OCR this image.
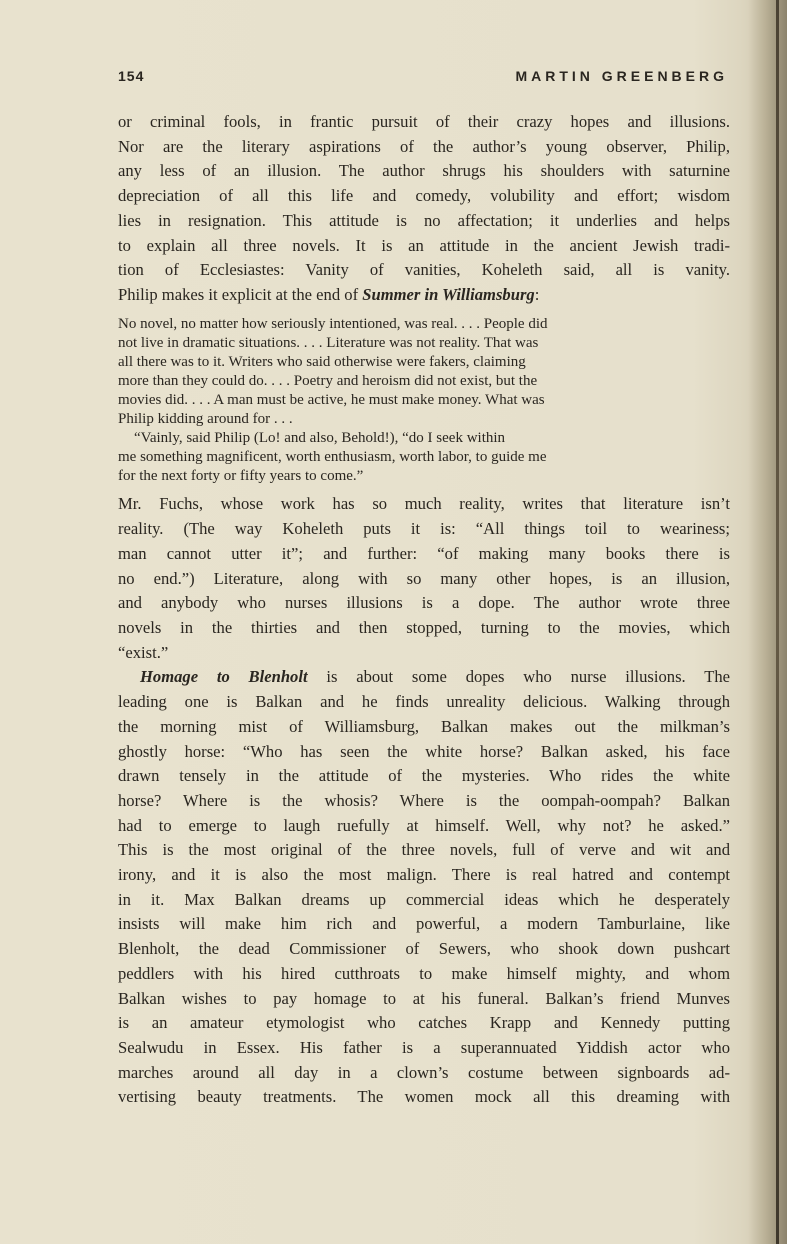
154	MARTIN GREENBERG
or criminal fools, in frantic pursuit of their crazy hopes and illusions.
Nor are the literary aspirations of the author’s young observer, Philip,
any less of an illusion. The author shrugs his shoulders with saturnine
depreciation of all this life and comedy, volubility and effort; wisdom
lies in resignation. This attitude is no affectation; it underlies and helps
to explain all three novels. It is an attitude in the ancient Jewish tradi-
tion of Ecclesiastes: Vanity of vanities, Koheleth said, all is vanity.
Philip makes it explicit at the end of Summer in Williamsburg:
No novel, no matter how seriously intentioned, was real. . . . People did
not live in dramatic situations. . . . Literature was not reality. That was
all there was to it. Writers who said otherwise were fakers, claiming
more than they could do. . . . Poetry and heroism did not exist, but the
movies did. . . . A man must be active, he must make money. What was
Philip kidding around for . . .
“Vainly, said Philip (Lo! and also, Behold!), “do I seek within
me something magnificent, worth enthusiasm, worth labor, to guide me
for the next forty or fifty years to come.”
Mr. Fuchs, whose work has so much reality, writes that literature isn’t
reality. (The way Koheleth puts it is: “All things toil to weariness;
man cannot utter it”; and further: “of making many books there is
no end.”) Literature, along with so many other hopes, is an illusion,
and anybody who nurses illusions is a dope. The author wrote three
novels in the thirties and then stopped, turning to the movies, which
“exist.”
Homage to Blenholt is about some dopes who nurse illusions. The
leading one is Balkan and he finds unreality delicious. Walking through
the morning mist of Williamsburg, Balkan makes out the milkman’s
ghostly horse: “Who has seen the white horse? Balkan asked, his face
drawn tensely in the attitude of the mysteries. Who rides the white
horse? Where is the whosis? Where is the oompah-oompah? Balkan
had to emerge to laugh ruefully at himself. Well, why not? he asked.”
This is the most original of the three novels, full of verve and wit and
irony, and it is also the most malign. There is real hatred and contempt
in it. Max Balkan dreams up commercial ideas which he desperately
insists will make him rich and powerful, a modern Tamburlaine, like
Blenholt, the dead Commissioner of Sewers, who shook down pushcart
peddlers with his hired cutthroats to make himself mighty, and whom
Balkan wishes to pay homage to at his funeral. Balkan’s friend Munves
is an amateur etymologist who catches Krapp and Kennedy putting
Sealwudu in Essex. His father is a superannuated Yiddish actor who
marches around all day in a clown’s costume between signboards ad-
vertising beauty treatments. The women mock all this dreaming with
